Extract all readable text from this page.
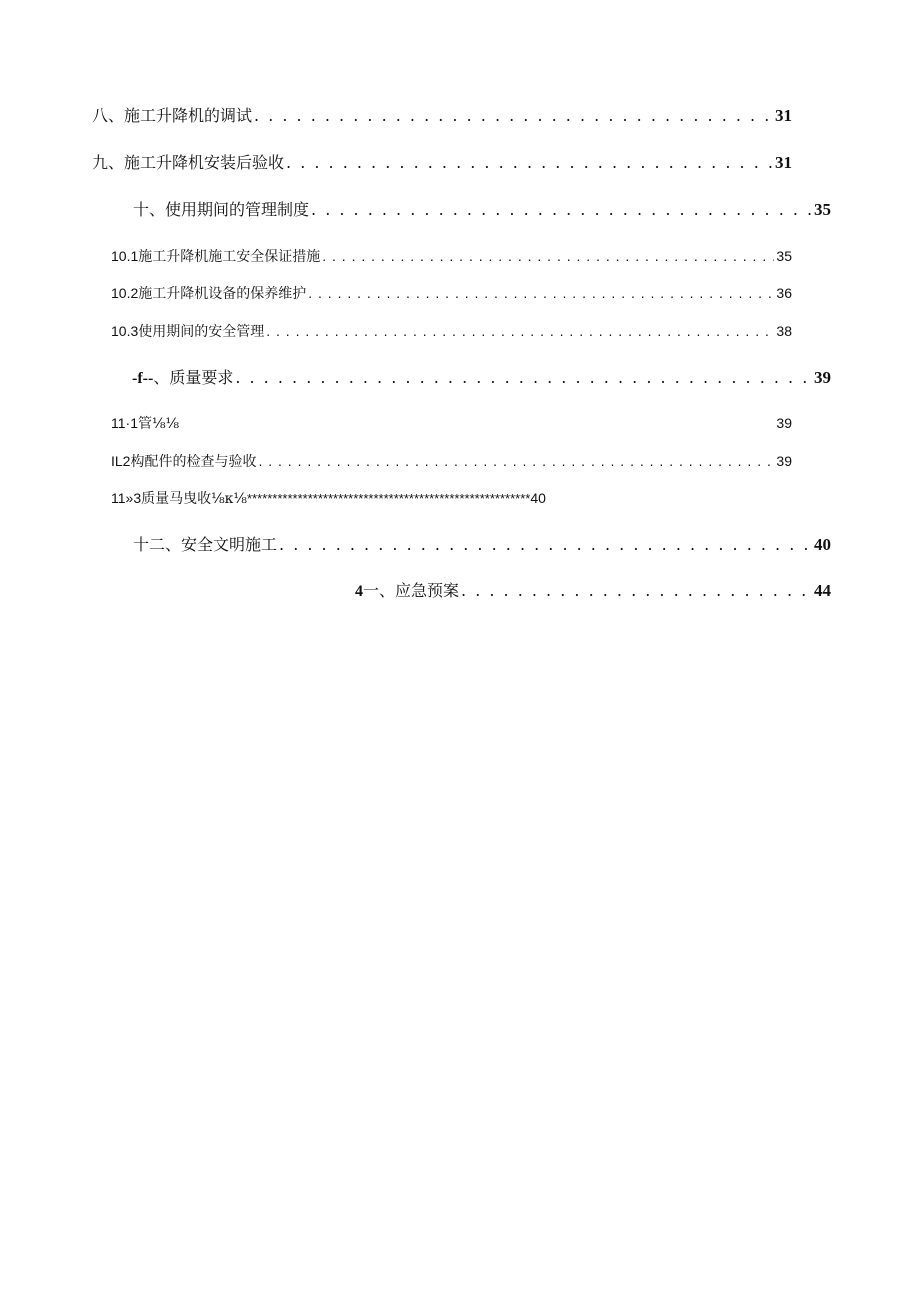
八、施工升降机的调试 . . .	31
九、施工升降机安装后验收 . . .	31
十、使用期间的管理制度 . . .	35
10.1施工升降机施工安全保证措施 . . .	35
10.2施工升降机设备的保养维护 . . .	36
10.3使用期间的安全管理 . . .	38
-f--、质量要求 . . .	39
11·1管⅛⅛	39
IL2构配件的检查与验收 . . .	39
11»3质量马曳收⅛κ⅛ ******************************************************** 40
十二、安全文明施工 . . .	40
4一、应急预案 . . .	44
